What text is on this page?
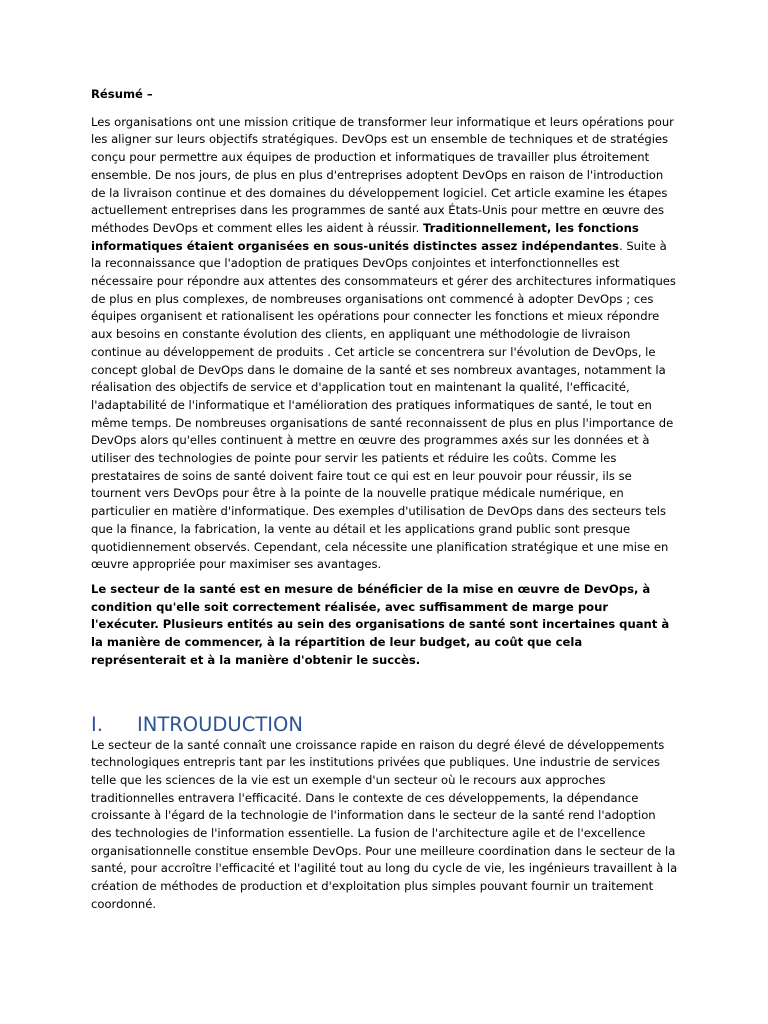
Résumé –

Les organisations ont une mission critique de transformer leur informatique et leurs opérations pour les aligner sur leurs objectifs stratégiques. DevOps est un ensemble de techniques et de stratégies conçu pour permettre aux équipes de production et informatiques de travailler plus étroitement ensemble. De nos jours, de plus en plus d'entreprises adoptent DevOps en raison de l'introduction de la livraison continue et des domaines du développement logiciel. Cet article examine les étapes actuellement entreprises dans les programmes de santé aux États-Unis pour mettre en œuvre des méthodes DevOps et comment elles les aident à réussir. Traditionnellement, les fonctions informatiques étaient organisées en sous-unités distinctes assez indépendantes. Suite à la reconnaissance que l'adoption de pratiques DevOps conjointes et interfonctionnelles est nécessaire pour répondre aux attentes des consommateurs et gérer des architectures informatiques de plus en plus complexes, de nombreuses organisations ont commencé à adopter DevOps ; ces équipes organisent et rationalisent les opérations pour connecter les fonctions et mieux répondre aux besoins en constante évolution des clients, en appliquant une méthodologie de livraison continue au développement de produits . Cet article se concentrera sur l'évolution de DevOps, le concept global de DevOps dans le domaine de la santé et ses nombreux avantages, notamment la réalisation des objectifs de service et d'application tout en maintenant la qualité, l'efficacité, l'adaptabilité de l'informatique et l'amélioration des pratiques informatiques de santé, le tout en même temps. De nombreuses organisations de santé reconnaissent de plus en plus l'importance de DevOps alors qu'elles continuent à mettre en œuvre des programmes axés sur les données et à utiliser des technologies de pointe pour servir les patients et réduire les coûts. Comme les prestataires de soins de santé doivent faire tout ce qui est en leur pouvoir pour réussir, ils se tournent vers DevOps pour être à la pointe de la nouvelle pratique médicale numérique, en particulier en matière d'informatique. Des exemples d'utilisation de DevOps dans des secteurs tels que la finance, la fabrication, la vente au détail et les applications grand public sont presque quotidiennement observés. Cependant, cela nécessite une planification stratégique et une mise en œuvre appropriée pour maximiser ses avantages.

Le secteur de la santé est en mesure de bénéficier de la mise en œuvre de DevOps, à condition qu'elle soit correctement réalisée, avec suffisamment de marge pour l'exécuter. Plusieurs entités au sein des organisations de santé sont incertaines quant à la manière de commencer, à la répartition de leur budget, au coût que cela représenterait et à la manière d'obtenir le succès.

I.	INTROUDUCTION

Le secteur de la santé connaît une croissance rapide en raison du degré élevé de développements technologiques entrepris tant par les institutions privées que publiques. Une industrie de services telle que les sciences de la vie est un exemple d'un secteur où le recours aux approches traditionnelles entravera l'efficacité. Dans le contexte de ces développements, la dépendance croissante à l'égard de la technologie de l'information dans le secteur de la santé rend l'adoption des technologies de l'information essentielle. La fusion de l'architecture agile et de l'excellence organisationnelle constitue ensemble DevOps. Pour une meilleure coordination dans le secteur de la santé, pour accroître l'efficacité et l'agilité tout au long du cycle de vie, les ingénieurs travaillent à la création de méthodes de production et d'exploitation plus simples pouvant fournir un traitement coordonné.
